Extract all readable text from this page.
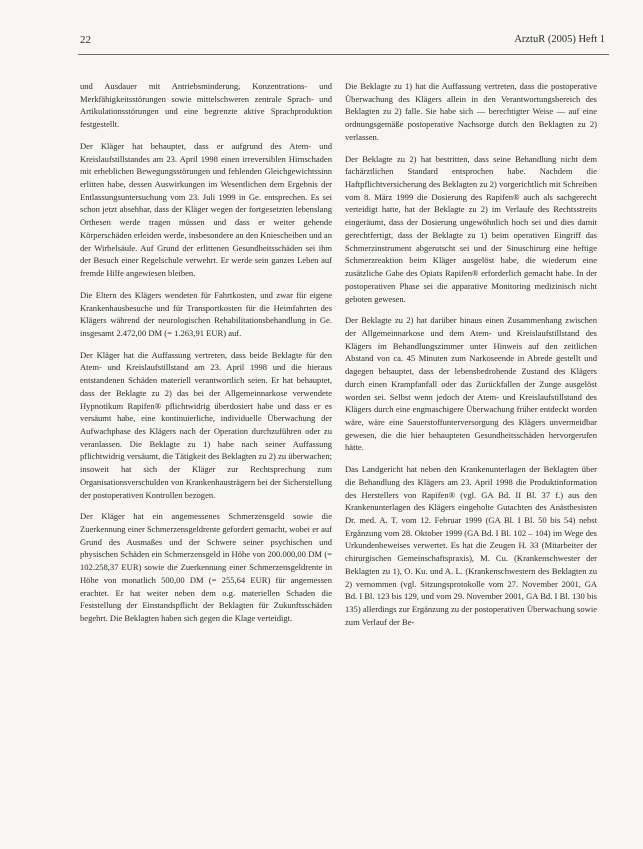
22	ArztuR (2005) Heft 1

und Ausdauer mit Antriebsminderung, Konzentrations- und Merkfähigkeitsstörungen sowie mittelschweren zentrale Sprach- und Artikulationsstörungen und eine begrenzte aktive Sprachproduktion festgestellt.

Der Kläger hat behauptet, dass er aufgrund des Atem- und Kreislaufstillstandes am 23. April 1998 einen irreversiblen Hirnschaden mit erheblichen Bewegungsstörungen und fehlenden Gleichgewichtssinn erlitten habe, dessen Auswirkungen im Wesentlichen dem Ergebnis der Entlassungsuntersuchung vom 23. Juli 1999 in Ge. entsprechen. Es sei schon jetzt absehbar, dass der Kläger wegen der fortgesetzten lebenslang Orthesen werde tragen müssen und dass er weiter gehende Körperschäden erleiden werde, insbesondere an den Kniescheiben und an der Wirbelsäule. Auf Grund der erlittenen Gesundheitsschäden sei ihm der Besuch einer Regelschule verwehrt. Er werde sein ganzes Leben auf fremde Hilfe angewiesen bleiben.

Die Eltern des Klägers wendeten für Fahrtkosten, und zwar für eigene Krankenhausbesuche und für Transportkosten für die Heimfahrten des Klägers während der neurologischen Rehabilitationsbehandlung in Ge. insgesamt 2.472,00 DM (= 1.263,91 EUR) auf.

Der Kläger hat die Auffassung vertreten, dass beide Beklagte für den Atem- und Kreislaufstillstand am 23. April 1998 und die hieraus entstandenen Schäden materiell verantwortlich seien. Er hat behauptet, dass der Beklagte zu 2) das bei der Allgemeinnarkose verwendete Hypnotikum Rapifen® pflichtwidrig überdosiert habe und dass er es versäumt habe, eine kontinuierliche, individuelle Überwachung der Aufwachphase des Klägers nach der Operation durchzuführen oder zu veranlassen. Die Beklagte zu 1) habe nach seiner Auffassung pflichtwidrig versäumt, die Tätigkeit des Beklagten zu 2) zu überwachen; insoweit hat sich der Kläger zur Rechtsprechung zum Organisationsverschulden von Krankenhausträgern bei der Sicherstellung der postoperativen Kontrollen bezogen.

Der Kläger hat ein angemessenes Schmerzensgeld sowie die Zuerkennung einer Schmerzensgeldrente gefordert gemacht, wobei er auf Grund des Ausmaßes und der Schwere seiner psychischen und physischen Schäden ein Schmerzensgeld in Höhe von 200.000,00 DM (= 102.258,37 EUR) sowie die Zuerkennung einer Schmerzensgeldrente in Höhe von monatlich 500,00 DM (= 255,64 EUR) für angemessen erachtet. Er hat weiter neben dem o.g. materiellen Schaden die Feststellung der Einstandspflicht der Beklagten für Zukunftsschäden begehrt. Die Beklagten haben sich gegen die Klage verteidigt.

Die Beklagte zu 1) hat die Auffassung vertreten, dass die postoperative Überwachung des Klägers allein in den Verantwortungsbereich des Beklagten zu 2) falle. Sie habe sich — berechtigter Weise — auf eine ordnungsgemäße postoperative Nachsorge durch den Beklagten zu 2) verlassen.

Der Beklagte zu 2) hat bestritten, dass seine Behandlung nicht dem fachärztlichen Standard entsprochen habe. Nachdem die Haftpflichtversicherung des Beklagten zu 2) vorgerichtlich mit Schreiben vom 8. März 1999 die Dosierung des Rapifen® auch als sachgerecht verteidigt hatte, hat der Beklagte zu 2) im Verlaufe des Rechtsstreits eingeräumt, dass der Dosierung ungewöhnlich hoch sei und dies damit gerechtfertigt, dass der Beklagte zu 1) beim operativen Eingriff das Schmerzinstrument abgerutscht sei und der Sinuschirurg eine heftige Schmerzreaktion beim Kläger ausgelöst habe, die wiederum eine zusätzliche Gabe des Opiats Rapifen® erforderlich gemacht habe. In der postoperativen Phase sei die apparative Monitoring medizinisch nicht geboten gewesen.

Der Beklagte zu 2) hat darüber hinaus einen Zusammenhang zwischen der Allgemeinnarkose und dem Atem- und Kreislaufstillstand des Klägers im Behandlungszimmer unter Hinweis auf den zeitlichen Abstand von ca. 45 Minuten zum Narkoseende in Abrede gestellt und dagegen behauptet, dass der lebensbedrohende Zustand des Klägers durch einen Krampfanfall oder das Zurückfallen der Zunge ausgelöst worden sei. Selbst wenn jedoch der Atem- und Kreislaufstillstand des Klägers durch eine engmaschigere Überwachung früher entdeckt worden wäre, wäre eine Sauerstoffunterversorgung des Klägers unvermeidbar gewesen, die die hier behaupteten Gesundheitsschäden hervorgerufen hätte.

Das Landgericht hat neben den Krankenunterlagen der Beklagten über die Behandlung des Klägers am 23. April 1998 die Produktinformation des Herstellers von Rapifen® (vgl. GA Bd. II Bl. 37 f.) aus den Krankenunterlagen des Klägers eingeholte Gutachten des Anästhesisten Dr. med. A. T. vom 12. Februar 1999 (GA Bl. I Bl. 50 bis 54) nebst Ergänzung vom 28. Oktober 1999 (GA Bd. I Bl. 102 – 104) im Wege des Urkundenbeweises verwertet. Es hat die Zeugen H. 33 (Mitarbeiter der chirurgischen Gemeinschaftspraxis), M. Cu. (Krankenschwester der Beklagten zu 1), O. Ku. und A. L. (Krankenschwestern des Beklagten zu 2) vernommen (vgl. Sitzungsprotokolle vom 27. November 2001, GA Bd. I Bl. 123 bis 129, und vom 29. November 2001, GA Bd. I Bl. 130 bis 135) allerdings zur Ergänzung zu der postoperativen Überwachung sowie zum Verlauf der Be-
